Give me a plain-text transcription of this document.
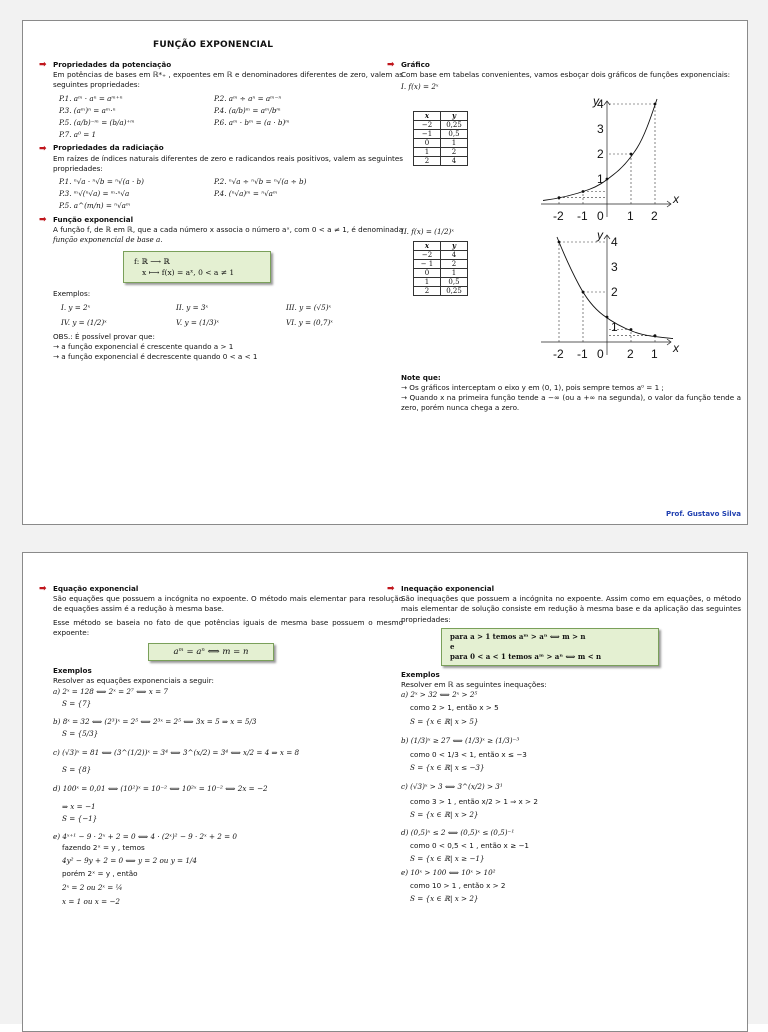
FUNÇÃO EXPONENCIAL
➡ Propriedades da potenciação
Em potências de bases em ℝ*₊ , expoentes em ℝ e denominadores diferentes de zero, valem as seguintes propriedades:
P.1. aᵐ · aⁿ = aᵐ⁺ⁿ	P.2. aᵐ ÷ aⁿ = aᵐ⁻ⁿ
P.3. (aᵐ)ⁿ = aᵐ·ⁿ	P.4. (a/b)ᵐ = aᵐ/bᵐ
P.5. (a/b)⁻ᵐ = (b/a)⁺ᵐ	P.6. aᵐ · bᵐ = (a · b)ᵐ
P.7. a⁰ = 1
➡ Propriedades da radiciação
Em raízes de índices naturais diferentes de zero e radicandos reais positivos, valem as seguintes propriedades:
P.1. ⁿ√a · ⁿ√b = ⁿ√(a · b)	P.2. ⁿ√a ÷ ⁿ√b = ⁿ√(a ÷ b)
P.3. ᵐ√(ⁿ√a) = ᵐ·ⁿ√a	P.4. (ⁿ√a)ᵐ = ⁿ√aᵐ
P.5. a^(m/n) = ⁿ√aᵐ
➡ Função exponencial
A função f, de ℝ em ℝ, que a cada número x associa o número aˣ, com 0 < a ≠ 1, é denominada função exponencial de base a.
f: ℝ ⟶ ℝ
x ⟼ f(x) = aˣ, 0 < a ≠ 1
Exemplos:
I. y = 2ˣ	II. y = 3ˣ	III. y = (√5)ˣ
IV. y = (1/2)ˣ	V. y = (1/3)ˣ	VI. y = (0,7)ˣ
OBS.: É possível provar que:
→ a função exponencial é crescente quando a > 1
→ a função exponencial é decrescente quando 0 < a < 1
➡ Gráfico
Com base em tabelas convenientes, vamos esboçar dois gráficos de funções exponenciais:
I. f(x) = 2ˣ
x	y
−2	0,25
−1	0,5
0	1
1	2
2	4
-2 -1 0 1 2
1
2
3
4
x
y
II. f(x) = (1/2)ˣ
x	y
−2	4
− 1	2
0	1
1	0,5
2	0,25
-2 -1 0 2 1
1
2
3
4
x
y
Note que:
→ Os gráficos interceptam o eixo y em (0, 1), pois sempre temos a⁰ = 1 ;
→ Quando x na primeira função tende a −∞ (ou a +∞ na segunda), o valor da função tende a zero, porém nunca chega a zero.
Prof. Gustavo Silva
➡ Equação exponencial
São equações que possuem a incógnita no expoente. O método mais elementar para resolução de equações assim é a redução à mesma base.
Esse método se baseia no fato de que potências iguais de mesma base possuem o mesmo expoente:
aᵐ = aⁿ ⟺ m = n
Exemplos
Resolver as equações exponenciais a seguir:
a) 2ˣ = 128 ⟺ 2ˣ = 2⁷ ⟺ x = 7
S = {7}
b) 8ˣ = 32 ⟺ (2³)ˣ = 2⁵ ⟺ 2³ˣ = 2⁵ ⟺ 3x = 5 ⇒ x = 5/3
S = {5/3}
c) (√3)ˣ = 81 ⟺ (3^(1/2))ˣ = 3⁴ ⟺ 3^(x/2) = 3⁴ ⟺ x/2 = 4 ⇒ x = 8
S = {8}
d) 100ˣ = 0,01 ⟺ (10²)ˣ = 10⁻² ⟺ 10²ˣ = 10⁻² ⟺ 2x = −2
⇒ x = −1
S = {−1}
e) 4ˣ⁺¹ − 9 · 2ˣ + 2 = 0 ⟺ 4 · (2ˣ)² − 9 · 2ˣ + 2 = 0
fazendo 2ˣ = y , temos
4y² − 9y + 2 = 0 ⟺ y = 2 ou y = 1/4
porém 2ˣ = y , então
2ˣ = 2 ou 2ˣ = ¼
x = 1 ou x = −2
➡ Inequação exponencial
São inequações que possuem a incógnita no expoente. Assim como em equações, o método mais elementar de solução consiste em redução à mesma base e da aplicação das seguintes propriedades:
para a > 1 temos aᵐ > aⁿ ⟺ m > n
e
para 0 < a < 1 temos aᵐ > aⁿ ⟺ m < n
Exemplos
Resolver em ℝ as seguintes inequações:
a) 2ˣ > 32 ⟺ 2ˣ > 2⁵
como 2 > 1, então x > 5
S = {x ∈ ℝ| x > 5}
b) (1/3)ˣ ≥ 27 ⟺ (1/3)ˣ ≥ (1/3)⁻³
como 0 < 1/3 < 1, então x ≤ −3
S = {x ∈ ℝ| x ≤ −3}
c) (√3)ˣ > 3 ⟺ 3^(x/2) > 3¹
como 3 > 1 , então x/2 > 1 ⇒ x > 2
S = {x ∈ ℝ| x > 2}
d) (0,5)ˣ ≤ 2 ⟺ (0,5)ˣ ≤ (0,5)⁻¹
como 0 < 0,5 < 1 , então x ≥ −1
S = {x ∈ ℝ| x ≥ −1}
e) 10ˣ > 100 ⟺ 10ˣ > 10²
como 10 > 1 , então x > 2
S = {x ∈ ℝ| x > 2}
